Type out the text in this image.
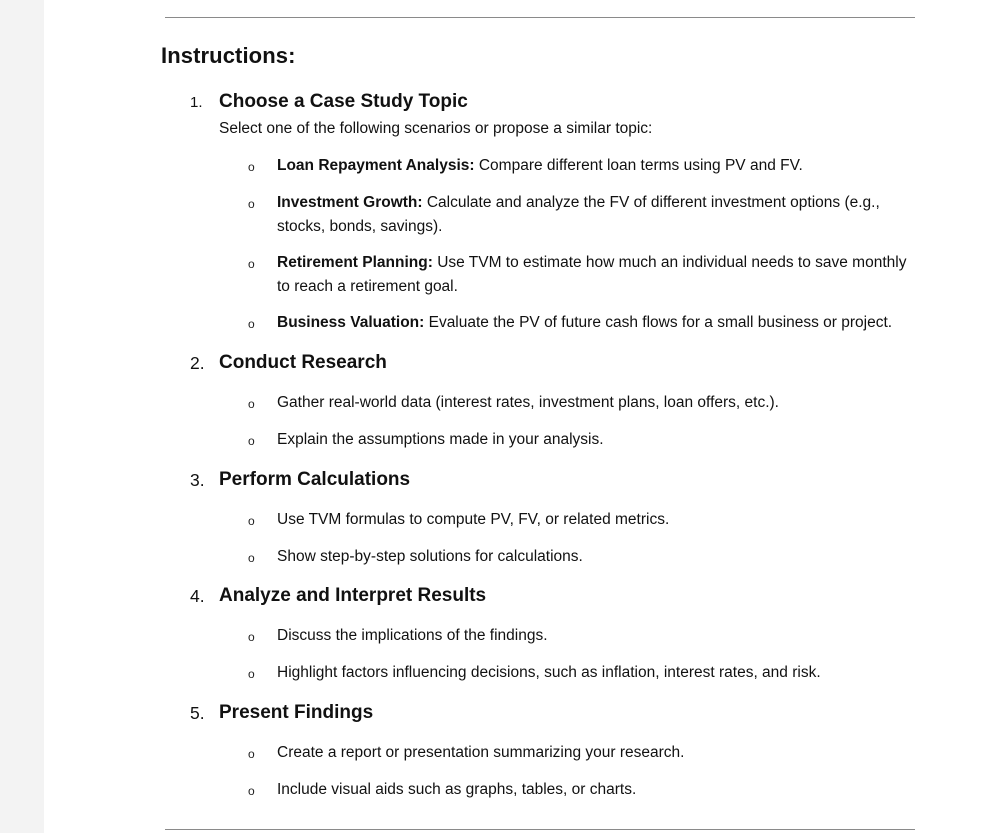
Instructions:
1. Choose a Case Study Topic
Select one of the following scenarios or propose a similar topic:
o Loan Repayment Analysis: Compare different loan terms using PV and FV.
o Investment Growth: Calculate and analyze the FV of different investment options (e.g., stocks, bonds, savings).
o Retirement Planning: Use TVM to estimate how much an individual needs to save monthly to reach a retirement goal.
o Business Valuation: Evaluate the PV of future cash flows for a small business or project.
2. Conduct Research
o Gather real-world data (interest rates, investment plans, loan offers, etc.).
o Explain the assumptions made in your analysis.
3. Perform Calculations
o Use TVM formulas to compute PV, FV, or related metrics.
o Show step-by-step solutions for calculations.
4. Analyze and Interpret Results
o Discuss the implications of the findings.
o Highlight factors influencing decisions, such as inflation, interest rates, and risk.
5. Present Findings
o Create a report or presentation summarizing your research.
o Include visual aids such as graphs, tables, or charts.
